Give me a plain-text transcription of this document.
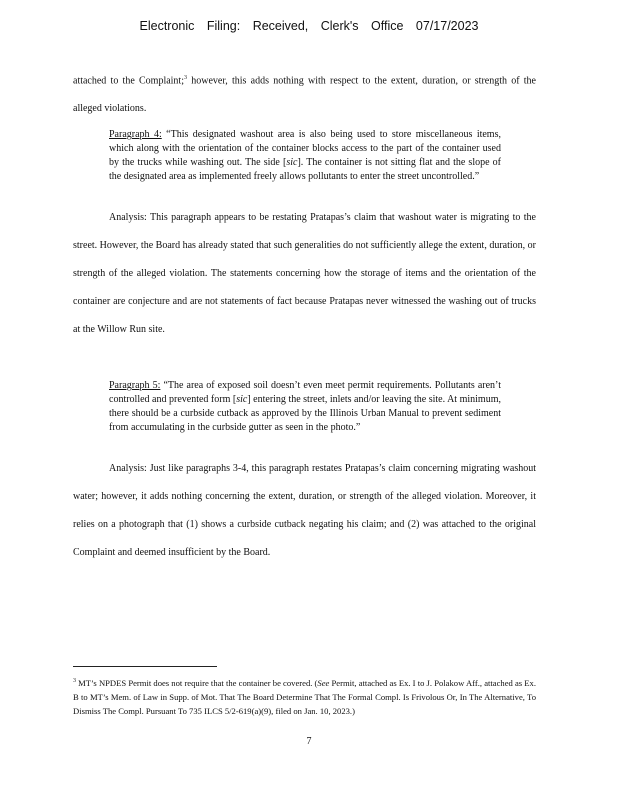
Electronic Filing: Received, Clerk's Office 07/17/2023
attached to the Complaint;$^3$ however, this adds nothing with respect to the extent, duration, or strength of the alleged violations.
Paragraph 4: “This designated washout area is also being used to store miscellaneous items, which along with the orientation of the container blocks access to the part of the container used by the trucks while washing out. The side [sic]. The container is not sitting flat and the slope of the designated area as implemented freely allows pollutants to enter the street uncontrolled.”
Analysis: This paragraph appears to be restating Pratapas’s claim that washout water is migrating to the street. However, the Board has already stated that such generalities do not sufficiently allege the extent, duration, or strength of the alleged violation. The statements concerning how the storage of items and the orientation of the container are conjecture and are not statements of fact because Pratapas never witnessed the washing out of trucks at the Willow Run site.
Paragraph 5: “The area of exposed soil doesn’t even meet permit requirements. Pollutants aren’t controlled and prevented form [sic] entering the street, inlets and/or leaving the site. At minimum, there should be a curbside cutback as approved by the Illinois Urban Manual to prevent sediment from accumulating in the curbside gutter as seen in the photo.”
Analysis: Just like paragraphs 3-4, this paragraph restates Pratapas’s claim concerning migrating washout water; however, it adds nothing concerning the extent, duration, or strength of the alleged violation. Moreover, it relies on a photograph that (1) shows a curbside cutback negating his claim; and (2) was attached to the original Complaint and deemed insufficient by the Board.
$^3$ MT’s NPDES Permit does not require that the container be covered. (See Permit, attached as Ex. I to J. Polakow Aff., attached as Ex. B to MT’s Mem. of Law in Supp. of Mot. That The Board Determine That The Formal Compl. Is Frivolous Or, In The Alternative, To Dismiss The Compl. Pursuant To 735 ILCS 5/2-619(a)(9), filed on Jan. 10, 2023.)
7
